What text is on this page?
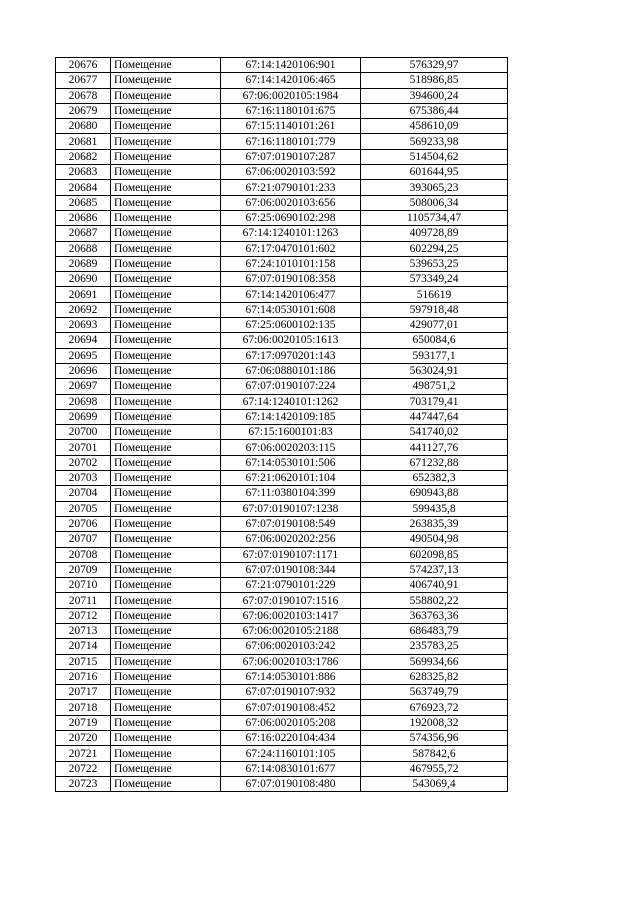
20676	Помещение	67:14:1420106:901	576329,97
20677	Помещение	67:14:1420106:465	518986,85
20678	Помещение	67:06:0020105:1984	394600,24
20679	Помещение	67:16:1180101:675	675386,44
20680	Помещение	67:15:1140101:261	458610,09
20681	Помещение	67:16:1180101:779	569233,98
20682	Помещение	67:07:0190107:287	514504,62
20683	Помещение	67:06:0020103:592	601644,95
20684	Помещение	67:21:0790101:233	393065,23
20685	Помещение	67:06:0020103:656	508006,34
20686	Помещение	67:25:0690102:298	1105734,47
20687	Помещение	67:14:1240101:1263	409728,89
20688	Помещение	67:17:0470101:602	602294,25
20689	Помещение	67:24:1010101:158	539653,25
20690	Помещение	67:07:0190108:358	573349,24
20691	Помещение	67:14:1420106:477	516619
20692	Помещение	67:14:0530101:608	597918,48
20693	Помещение	67:25:0600102:135	429077,01
20694	Помещение	67:06:0020105:1613	650084,6
20695	Помещение	67:17:0970201:143	593177,1
20696	Помещение	67:06:0880101:186	563024,91
20697	Помещение	67:07:0190107:224	498751,2
20698	Помещение	67:14:1240101:1262	703179,41
20699	Помещение	67:14:1420109:185	447447,64
20700	Помещение	67:15:1600101:83	541740,02
20701	Помещение	67:06:0020203:115	441127,76
20702	Помещение	67:14:0530101:506	671232,88
20703	Помещение	67:21:0620101:104	652382,3
20704	Помещение	67:11:0380104:399	690943,88
20705	Помещение	67:07:0190107:1238	599435,8
20706	Помещение	67:07:0190108:549	263835,39
20707	Помещение	67:06:0020202:256	490504,98
20708	Помещение	67:07:0190107:1171	602098,85
20709	Помещение	67:07:0190108:344	574237,13
20710	Помещение	67:21:0790101:229	406740,91
20711	Помещение	67:07:0190107:1516	558802,22
20712	Помещение	67:06:0020103:1417	363763,36
20713	Помещение	67:06:0020105:2188	686483,79
20714	Помещение	67:06:0020103:242	235783,25
20715	Помещение	67:06:0020103:1786	569934,66
20716	Помещение	67:14:0530101:886	628325,82
20717	Помещение	67:07:0190107:932	563749,79
20718	Помещение	67:07:0190108:452	676923,72
20719	Помещение	67:06:0020105:208	192008,32
20720	Помещение	67:16:0220104:434	574356,96
20721	Помещение	67:24:1160101:105	587842,6
20722	Помещение	67:14:0830101:677	467955,72
20723	Помещение	67:07:0190108:480	543069,4
